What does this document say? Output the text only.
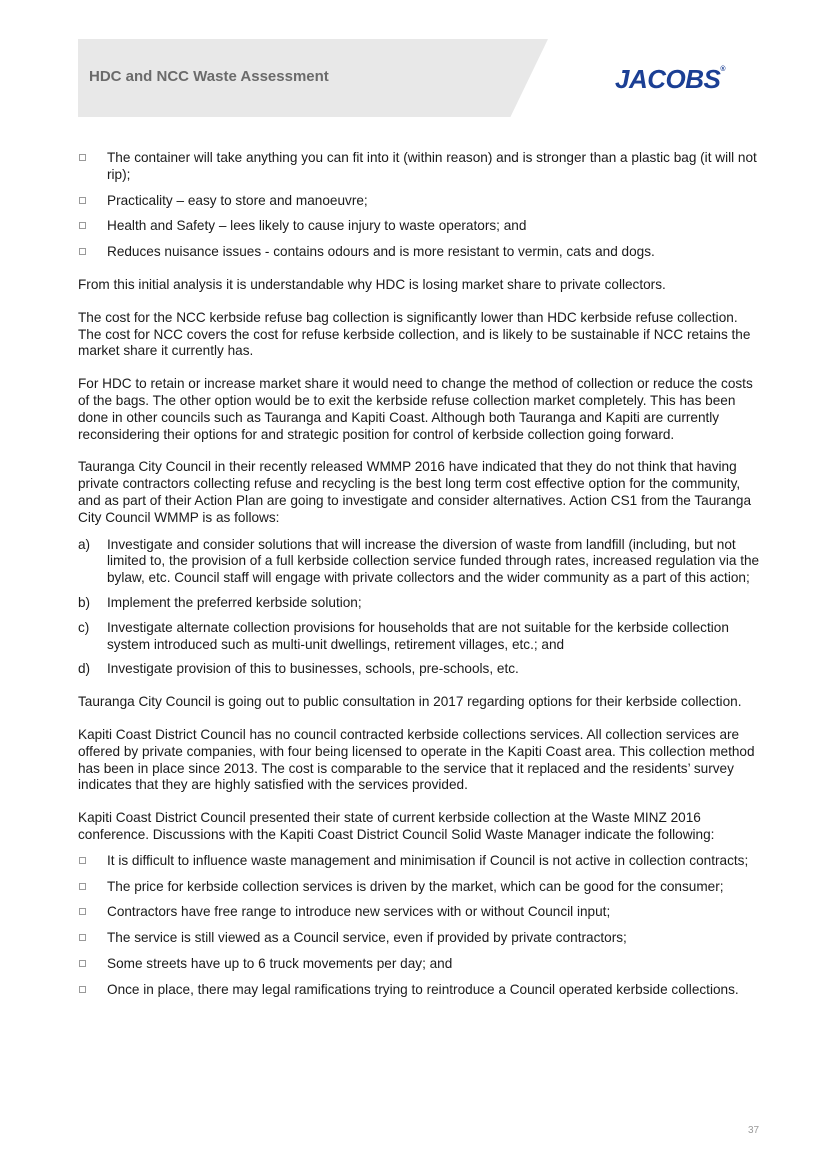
HDC and NCC Waste Assessment	JACOBS®
The container will take anything you can fit into it (within reason) and is stronger than a plastic bag (it will not rip);
Practicality – easy to store and manoeuvre;
Health and Safety – lees likely to cause injury to waste operators; and
Reduces nuisance issues - contains odours and is more resistant to vermin, cats and dogs.
From this initial analysis it is understandable why HDC is losing market share to private collectors.
The cost for the NCC kerbside refuse bag collection is significantly lower than HDC kerbside refuse collection. The cost for NCC covers the cost for refuse kerbside collection, and is likely to be sustainable if NCC retains the market share it currently has.
For HDC to retain or increase market share it would need to change the method of collection or reduce the costs of the bags. The other option would be to exit the kerbside refuse collection market completely. This has been done in other councils such as Tauranga and Kapiti Coast. Although both Tauranga and Kapiti are currently reconsidering their options for and strategic position for control of kerbside collection going forward.
Tauranga City Council in their recently released WMMP 2016 have indicated that they do not think that having private contractors collecting refuse and recycling is the best long term cost effective option for the community, and as part of their Action Plan are going to investigate and consider alternatives. Action CS1 from the Tauranga City Council WMMP is as follows:
a) Investigate and consider solutions that will increase the diversion of waste from landfill (including, but not limited to, the provision of a full kerbside collection service funded through rates, increased regulation via the bylaw, etc. Council staff will engage with private collectors and the wider community as a part of this action;
b) Implement the preferred kerbside solution;
c) Investigate alternate collection provisions for households that are not suitable for the kerbside collection system introduced such as multi-unit dwellings, retirement villages, etc.; and
d) Investigate provision of this to businesses, schools, pre-schools, etc.
Tauranga City Council is going out to public consultation in 2017 regarding options for their kerbside collection.
Kapiti Coast District Council has no council contracted kerbside collections services. All collection services are offered by private companies, with four being licensed to operate in the Kapiti Coast area. This collection method has been in place since 2013. The cost is comparable to the service that it replaced and the residents’ survey indicates that they are highly satisfied with the services provided.
Kapiti Coast District Council presented their state of current kerbside collection at the Waste MINZ 2016 conference. Discussions with the Kapiti Coast District Council Solid Waste Manager indicate the following:
It is difficult to influence waste management and minimisation if Council is not active in collection contracts;
The price for kerbside collection services is driven by the market, which can be good for the consumer;
Contractors have free range to introduce new services with or without Council input;
The service is still viewed as a Council service, even if provided by private contractors;
Some streets have up to 6 truck movements per day; and
Once in place, there may legal ramifications trying to reintroduce a Council operated kerbside collections.
37
